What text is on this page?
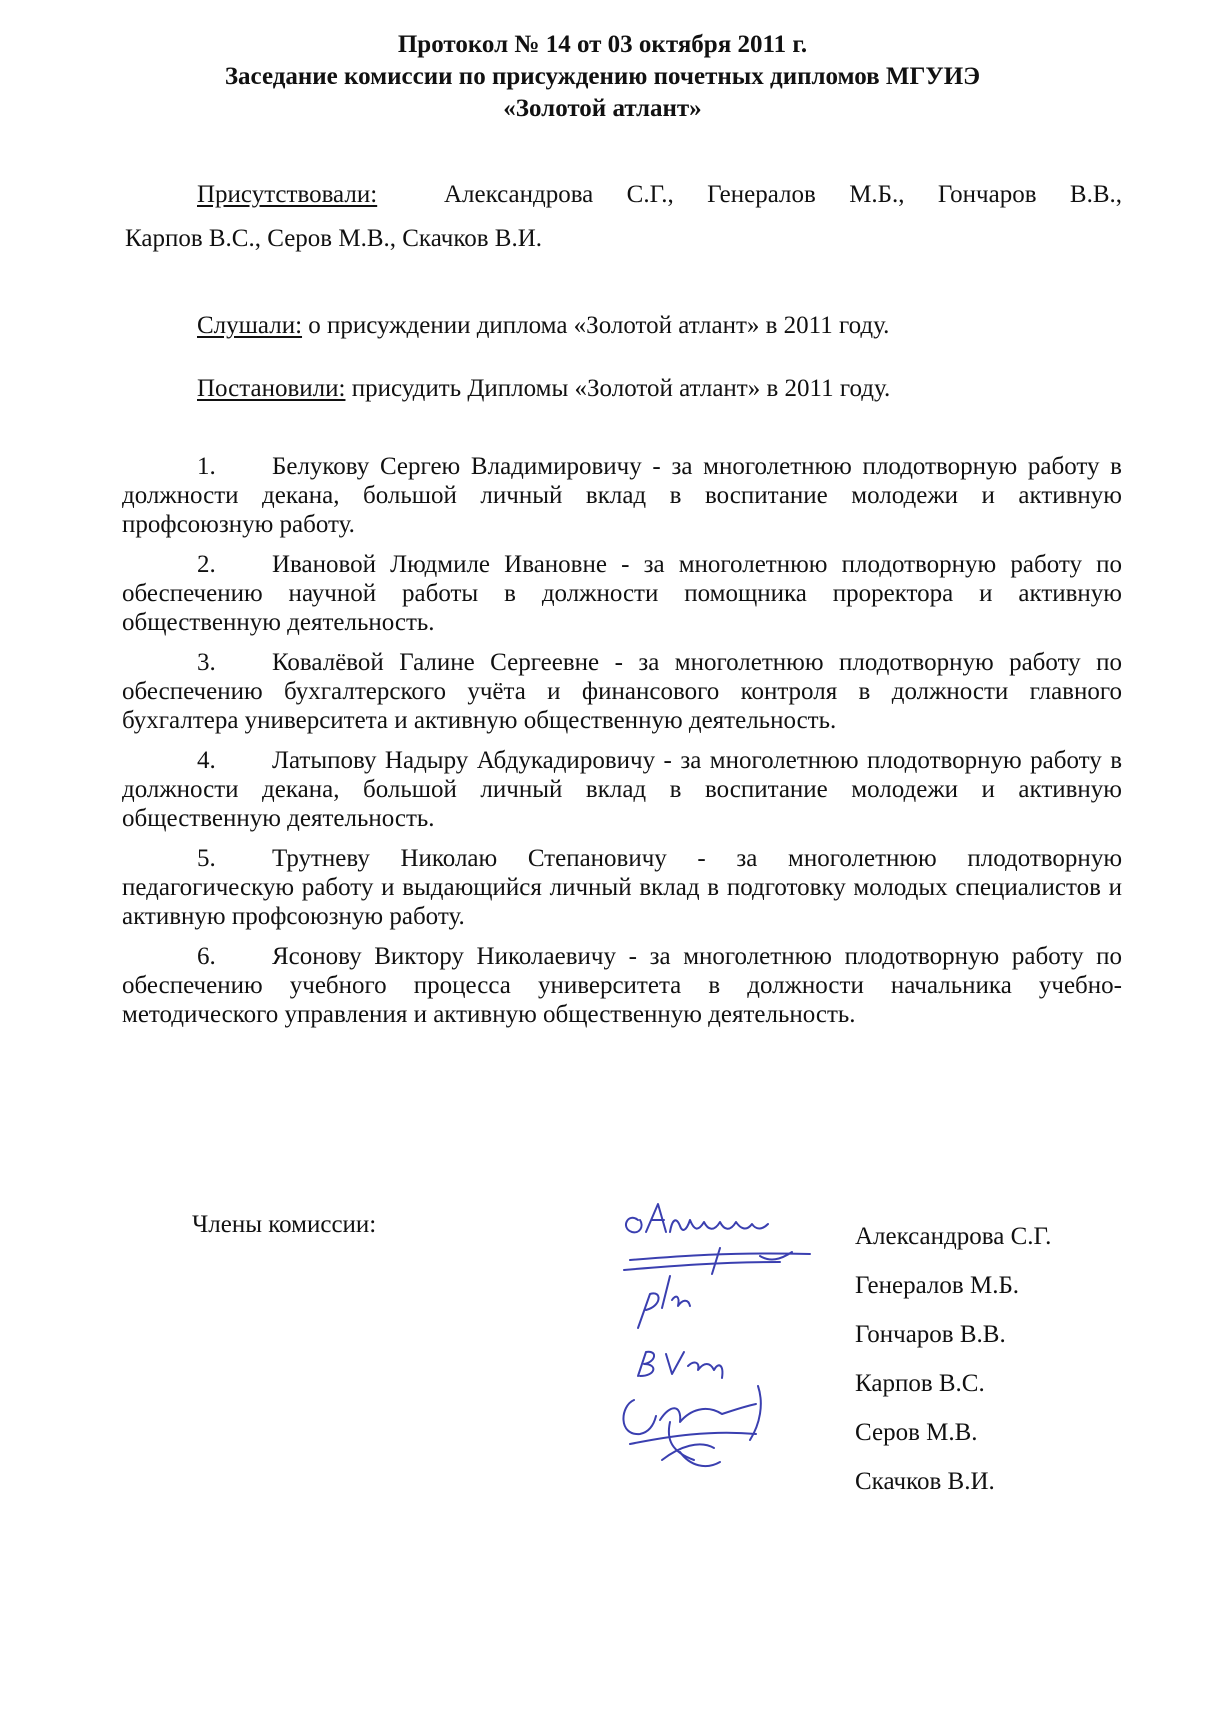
Протокол № 14 от 03 октября 2011 г.
Заседание комиссии по присуждению почетных дипломов МГУИЭ
«Золотой атлант»
Присутствовали:	Александрова С.Г., Генералов М.Б., Гончаров В.В.,
Карпов В.С., Серов М.В., Скачков В.И.
Слушали: о присуждении диплома «Золотой атлант» в 2011 году.
Постановили: присудить Дипломы «Золотой атлант» в 2011 году.
1. Белукову Сергею Владимировичу - за многолетнюю плодотворную работу в должности декана, большой личный вклад в воспитание молодежи и активную профсоюзную работу.
2. Ивановой Людмиле Ивановне - за многолетнюю плодотворную работу по обеспечению научной работы в должности помощника проректора и активную общественную деятельность.
3. Ковалёвой Галине Сергеевне - за многолетнюю плодотворную работу по обеспечению бухгалтерского учёта и финансового контроля в должности главного бухгалтера университета и активную общественную деятельность.
4. Латыпову Надыру Абдукадировичу - за многолетнюю плодотворную работу в должности декана, большой личный вклад в воспитание молодежи и активную общественную деятельность.
5. Трутневу Николаю Степановичу - за многолетнюю плодотворную педагогическую работу и выдающийся личный вклад в подготовку молодых специалистов и активную профсоюзную работу.
6. Ясонову Виктору Николаевичу - за многолетнюю плодотворную работу по обеспечению учебного процесса университета в должности начальника учебно-методического управления и активную общественную деятельность.
Члены комиссии:	Александрова С.Г.
Генералов М.Б.
Гончаров В.В.
Карпов В.С.
Серов М.В.
Скачков В.И.
